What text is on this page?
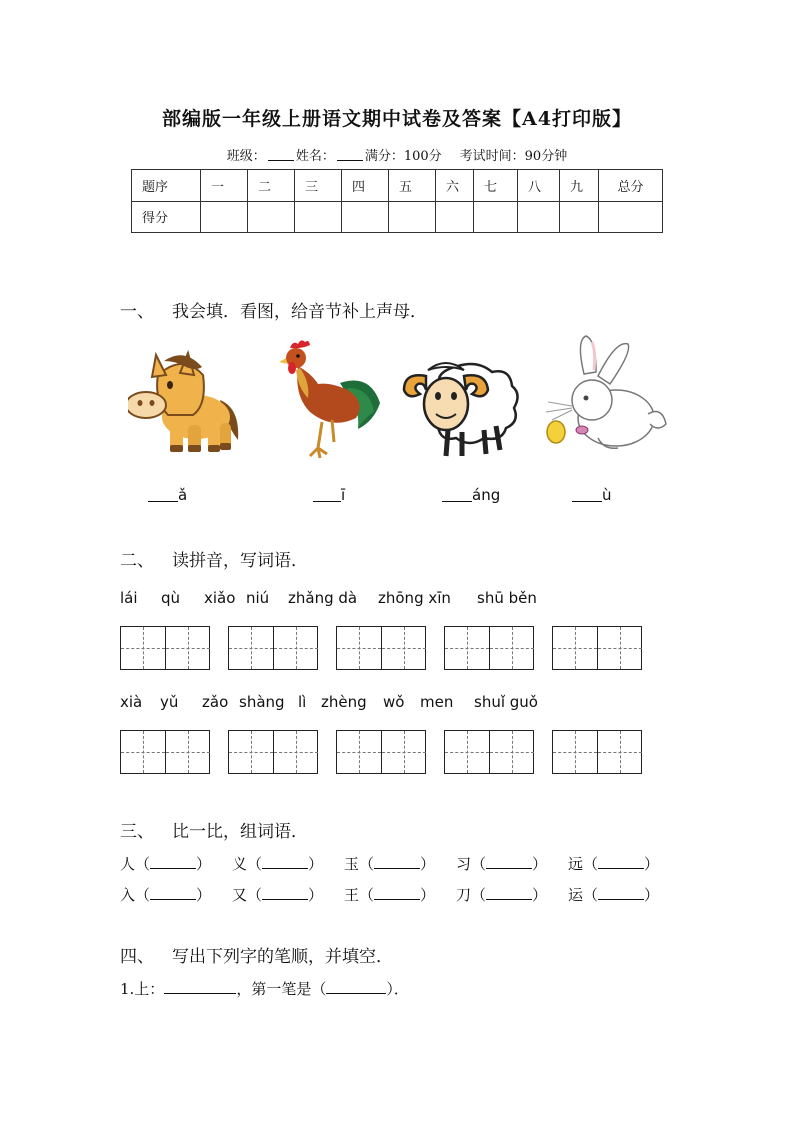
部编版一年级上册语文期中试卷及答案【A4打印版】
班级： 姓名： 满分：100分 考试时间：90分钟
题序	一	二	三	四	五	六	七	八	九	总分
得分										
一、 我会填．看图，给音节补上声母．
ǎ	ī	áng	ù
二、 读拼音，写词语．
lái qù xiǎo niú zhǎng dà zhōng xīn shū běn
xià yǔ zǎo shàng lì zhèng wǒ men shuǐ guǒ
三、 比一比，组词语．
人（	） 义（	） 玉（	） 习（	） 远（	）
入（	） 又（	） 王（	） 刀（	） 运（	）
四、 写出下列字的笔顺，并填空．
1.上：	，第一笔是（	）．
